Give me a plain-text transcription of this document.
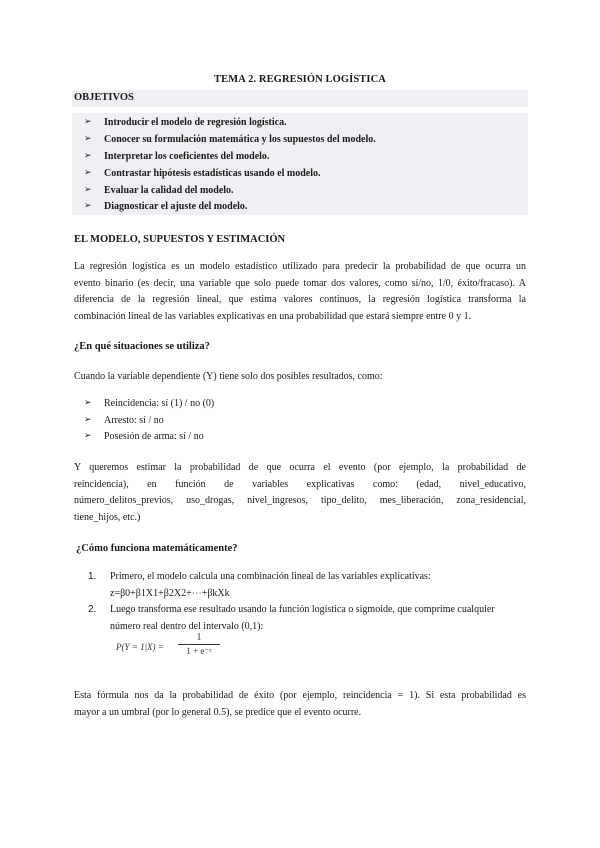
TEMA 2. REGRESIÓN LOGÍSTICA
OBJETIVOS
➢ Introducir el modelo de regresión logística.
➢ Conocer su formulación matemática y los supuestos del modelo.
➢ Interpretar los coeficientes del modelo.
➢ Contrastar hipótesis estadísticas usando el modelo.
➢ Evaluar la calidad del modelo.
➢ Diagnosticar el ajuste del modelo.
EL MODELO, SUPUESTOS Y ESTIMACIÓN
La regresión logística es un modelo estadístico utilizado para predecir la probabilidad de que ocurra un
evento binario (es decir, una variable que solo puede tomar dos valores, como sí/no, 1/0, éxito/fracaso). A
diferencia de la regresión lineal, que estima valores continuos, la regresión logística transforma la
combinación lineal de las variables explicativas en una probabilidad que estará siempre entre 0 y 1.
¿En qué situaciones se utiliza?
Cuando la variable dependiente (Y) tiene solo dos posibles resultados, como:
➢ Reincidencia: sí (1) / no (0)
➢ Arresto: sí / no
➢ Posesión de arma: sí / no
Y queremos estimar la probabilidad de que ocurra el evento (por ejemplo, la probabilidad de
reincidencia), en función de variables explicativas como: (edad, nivel_educativo,
número_delitos_previos, uso_drogas, nivel_ingresos, tipo_delito, mes_liberación, zona_residencial,
tiene_hijos, etc.)
¿Cómo funciona matemáticamente?
1. Primero, el modelo calcula una combinación lineal de las variables explicativas:
z=β0+β1X1+β2X2+⋯+βkXk
2. Luego transforma ese resultado usando la función logística o sigmoide, que comprime cualquier
número real dentro del intervalo (0,1):
$P(Y = 1|X) = \frac{1}{\text{1 + e⁻ᶻ}}$
Esta fórmula nos da la probabilidad de éxito (por ejemplo, reincidencia = 1). Si esta probabilidad es
mayor a un umbral (por lo general 0.5), se predice que el evento ocurre.
